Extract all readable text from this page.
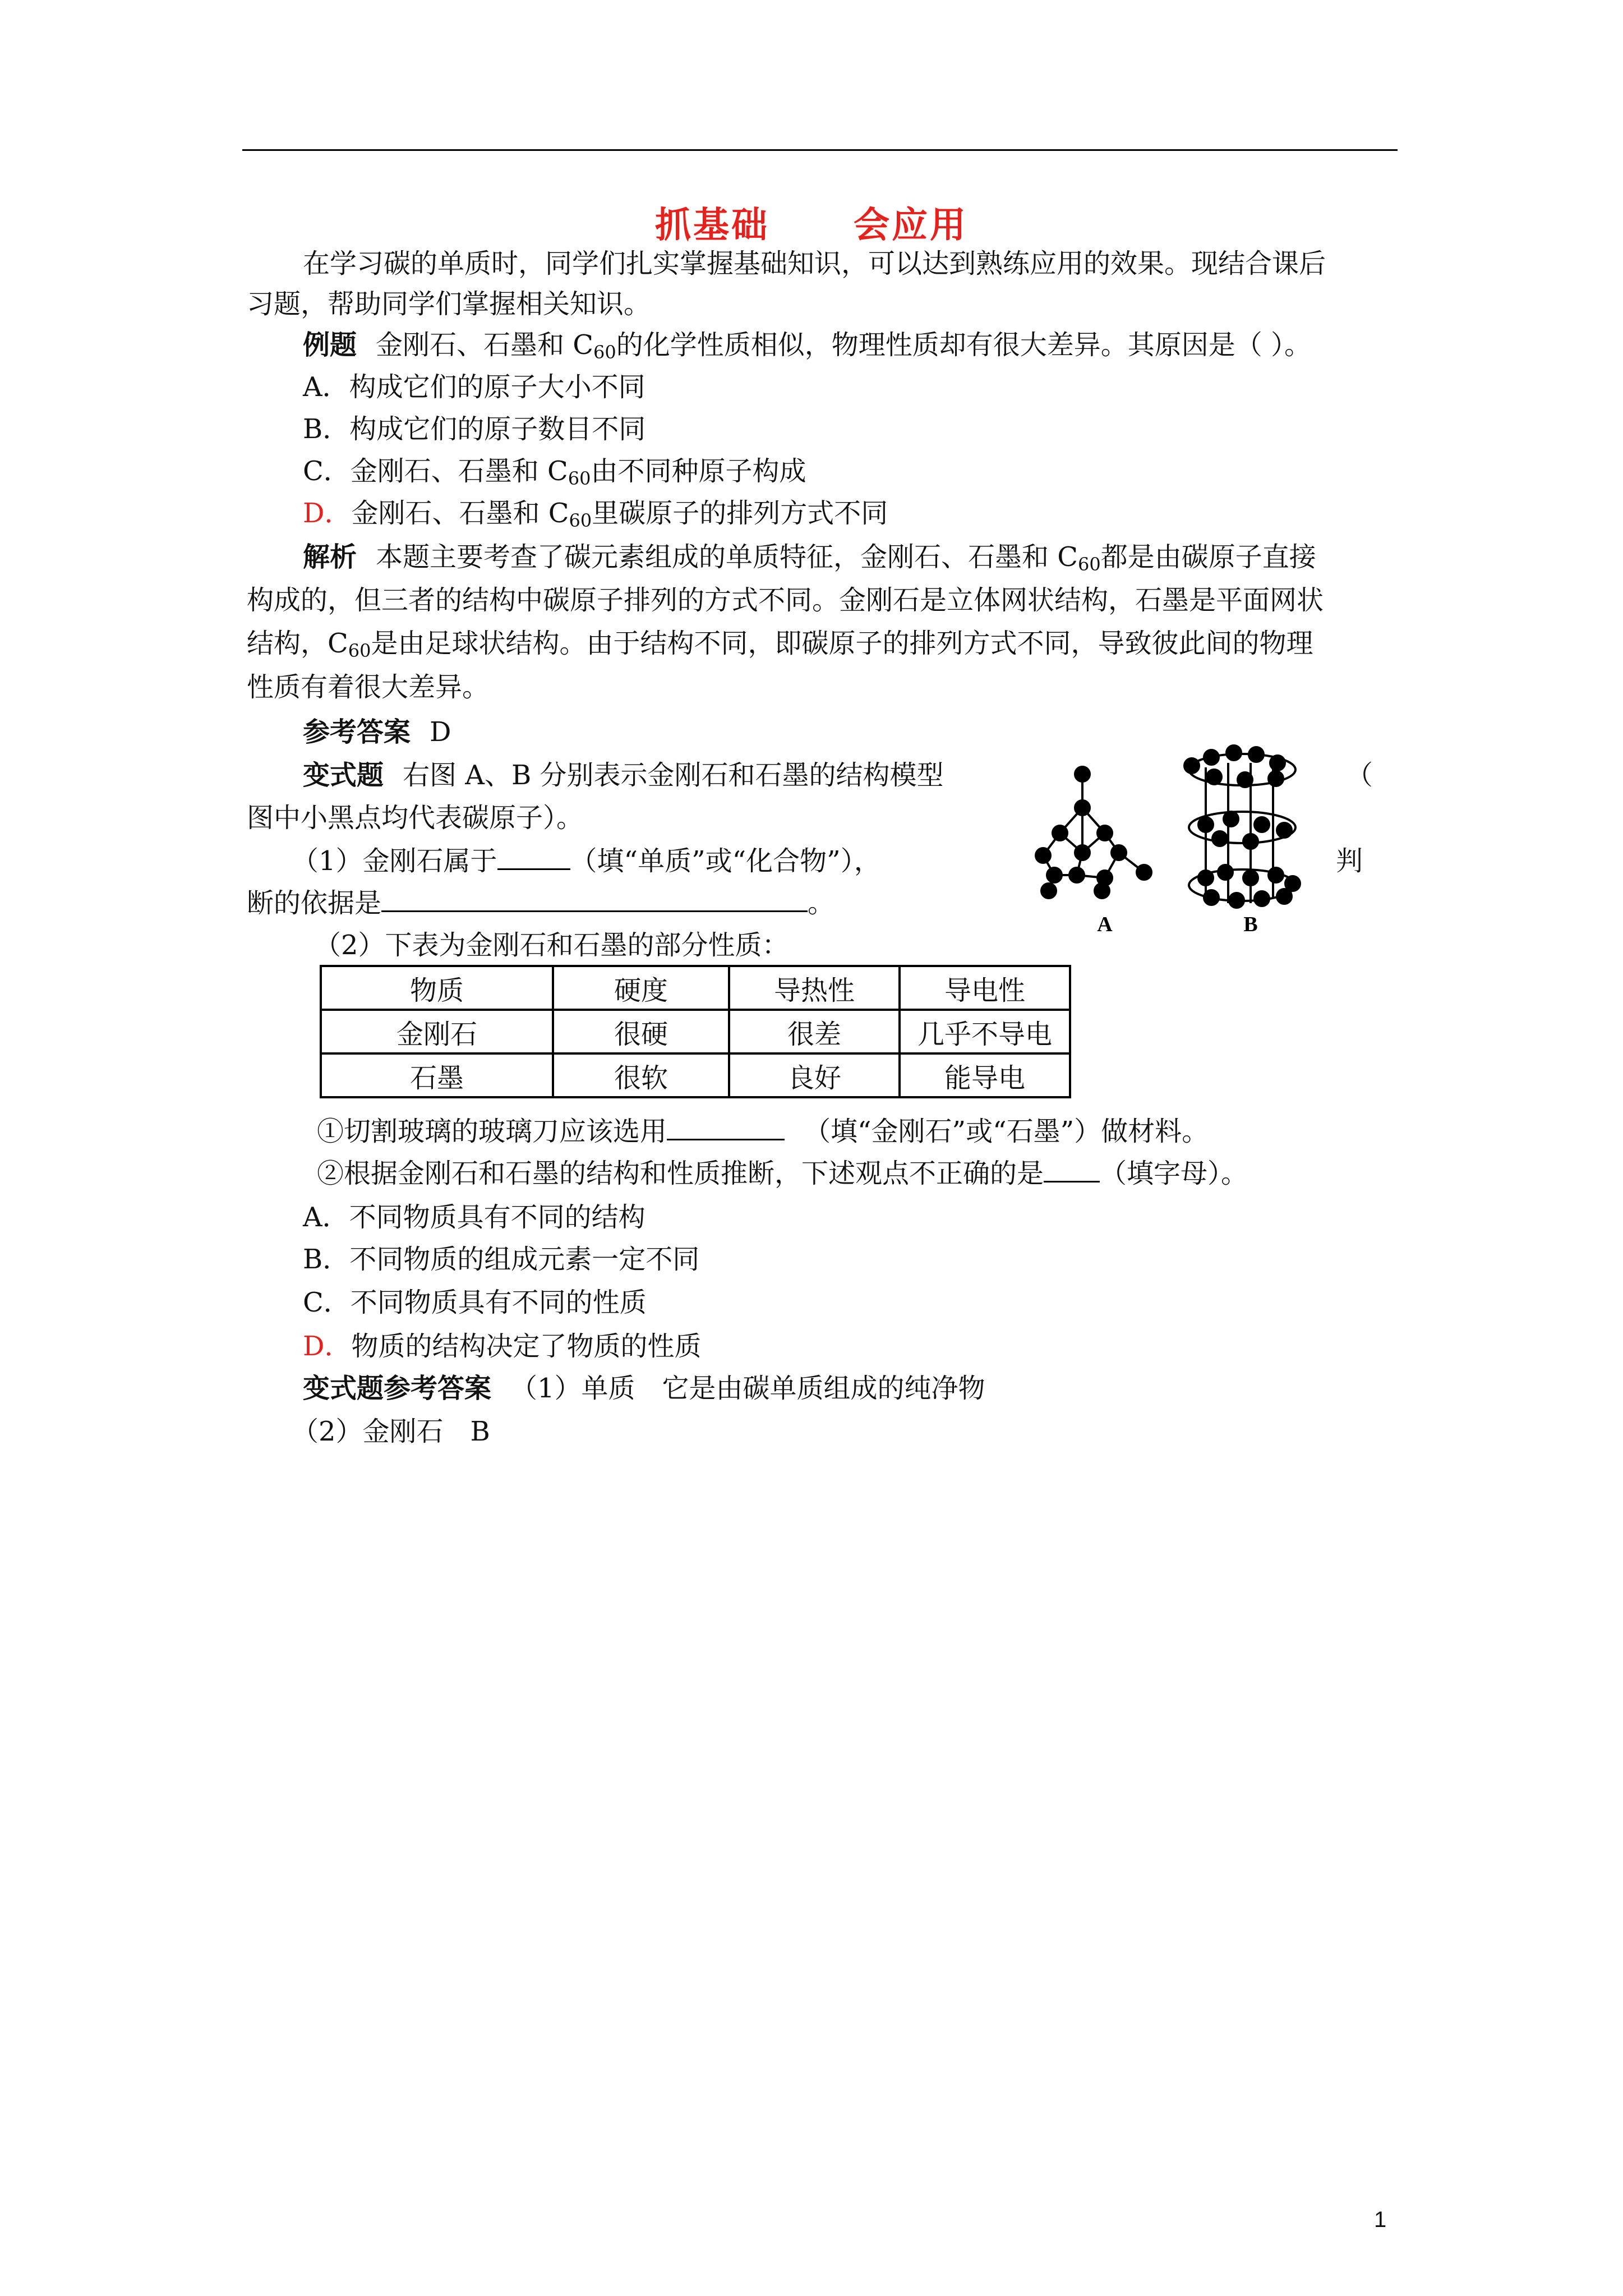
抓基础 会应用
在学习碳的单质时，同学们扎实掌握基础知识，可以达到熟练应用的效果。现结合课后
习题，帮助同学们掌握相关知识。
例题 金刚石、石墨和 $C_{60}$的化学性质相似，物理性质却有很大差异。其原因是（ ）。
A．构成它们的原子大小不同
B．构成它们的原子数目不同
C．金刚石、石墨和 $C_{60}$由不同种原子构成
D．金刚石、石墨和 $C_{60}$里碳原子的排列方式不同
解析 本题主要考查了碳元素组成的单质特征，金刚石、石墨和 $C_{60}$都是由碳原子直接
构成的，但三者的结构中碳原子排列的方式不同。金刚石是立体网状结构，石墨是平面网状
结构，$C_{60}$是由足球状结构。由于结构不同，即碳原子的排列方式不同，导致彼此间的物理
性质有着很大差异。
参考答案 D
变式题 右图 A、B 分别表示金刚石和石墨的结构模型	（
图中小黑点均代表碳原子）。
（1）金刚石属于	（填“单质”或“化合物”），	判
断的依据是	。
（2）下表为金刚石和石墨的部分性质：
A	B
物质	硬度	导热性	导电性
金刚石	很硬	很差	几乎不导电
石墨	很软	良好	能导电
①切割玻璃的玻璃刀应该选用	（填“金刚石”或“石墨”）做材料。
②根据金刚石和石墨的结构和性质推断，下述观点不正确的是 （填字母）。
A．不同物质具有不同的结构
B．不同物质的组成元素一定不同
C．不同物质具有不同的性质
D．物质的结构决定了物质的性质
变式题参考答案 （1）单质　它是由碳单质组成的纯净物
（2）金刚石　B
1
